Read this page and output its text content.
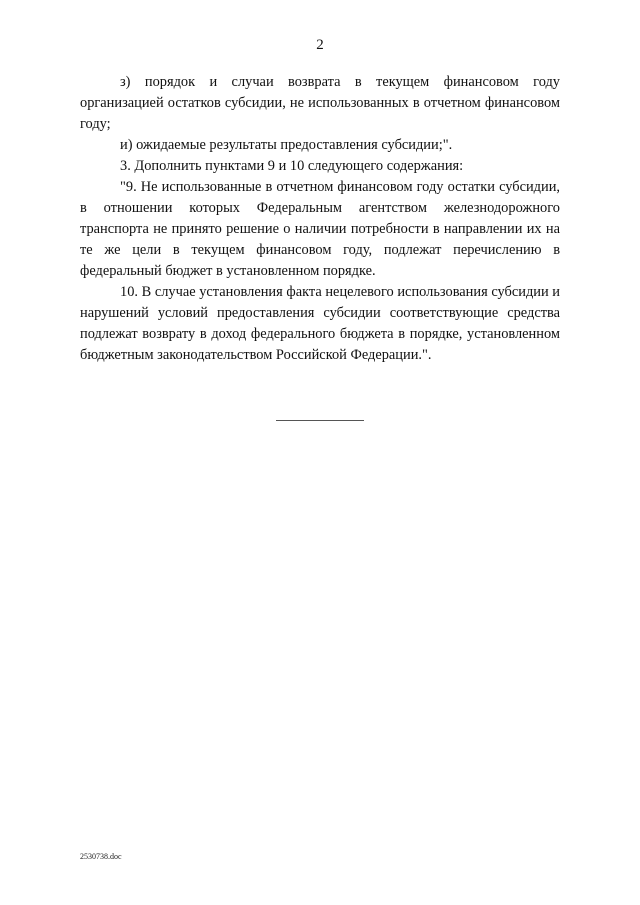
2

з) порядок и случаи возврата в текущем финансовом году организацией остатков субсидии, не использованных в отчетном финансовом году;

и) ожидаемые результаты предоставления субсидии;".

3. Дополнить пунктами 9 и 10 следующего содержания:

"9. Не использованные в отчетном финансовом году остатки субсидии, в отношении которых Федеральным агентством железнодорожного транспорта не принято решение о наличии потребности в направлении их на те же цели в текущем финансовом году, подлежат перечислению в федеральный бюджет в установленном порядке.

10. В случае установления факта нецелевого использования субсидии и нарушений условий предоставления субсидии соответствующие средства подлежат возврату в доход федерального бюджета в порядке, установленном бюджетным законодательством Российской Федерации.".

2530738.doc
